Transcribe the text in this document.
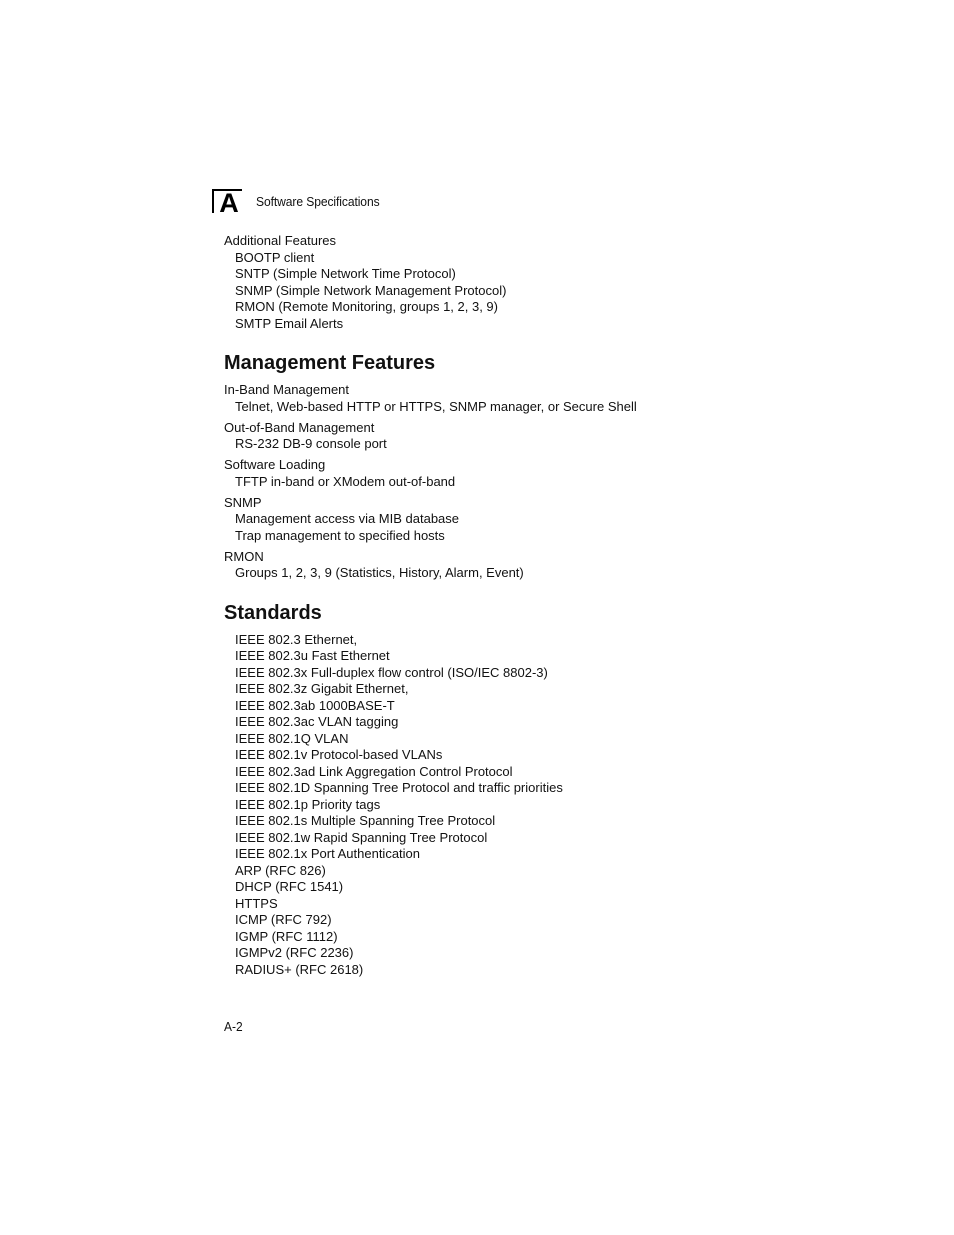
A Software Specifications
Additional Features
BOOTP client
SNTP (Simple Network Time Protocol)
SNMP (Simple Network Management Protocol)
RMON (Remote Monitoring, groups 1, 2, 3, 9)
SMTP Email Alerts
Management Features
In-Band Management
Telnet, Web-based HTTP or HTTPS, SNMP manager, or Secure Shell
Out-of-Band Management
RS-232 DB-9 console port
Software Loading
TFTP in-band or XModem out-of-band
SNMP
Management access via MIB database
Trap management to specified hosts
RMON
Groups 1, 2, 3, 9 (Statistics, History, Alarm, Event)
Standards
IEEE 802.3 Ethernet,
IEEE 802.3u Fast Ethernet
IEEE 802.3x Full-duplex flow control (ISO/IEC 8802-3)
IEEE 802.3z Gigabit Ethernet,
IEEE 802.3ab 1000BASE-T
IEEE 802.3ac VLAN tagging
IEEE 802.1Q VLAN
IEEE 802.1v Protocol-based VLANs
IEEE 802.3ad Link Aggregation Control Protocol
IEEE 802.1D Spanning Tree Protocol and traffic priorities
IEEE 802.1p Priority tags
IEEE 802.1s Multiple Spanning Tree Protocol
IEEE 802.1w Rapid Spanning Tree Protocol
IEEE 802.1x Port Authentication
ARP (RFC 826)
DHCP (RFC 1541)
HTTPS
ICMP (RFC 792)
IGMP (RFC 1112)
IGMPv2 (RFC 2236)
RADIUS+ (RFC 2618)
A-2
